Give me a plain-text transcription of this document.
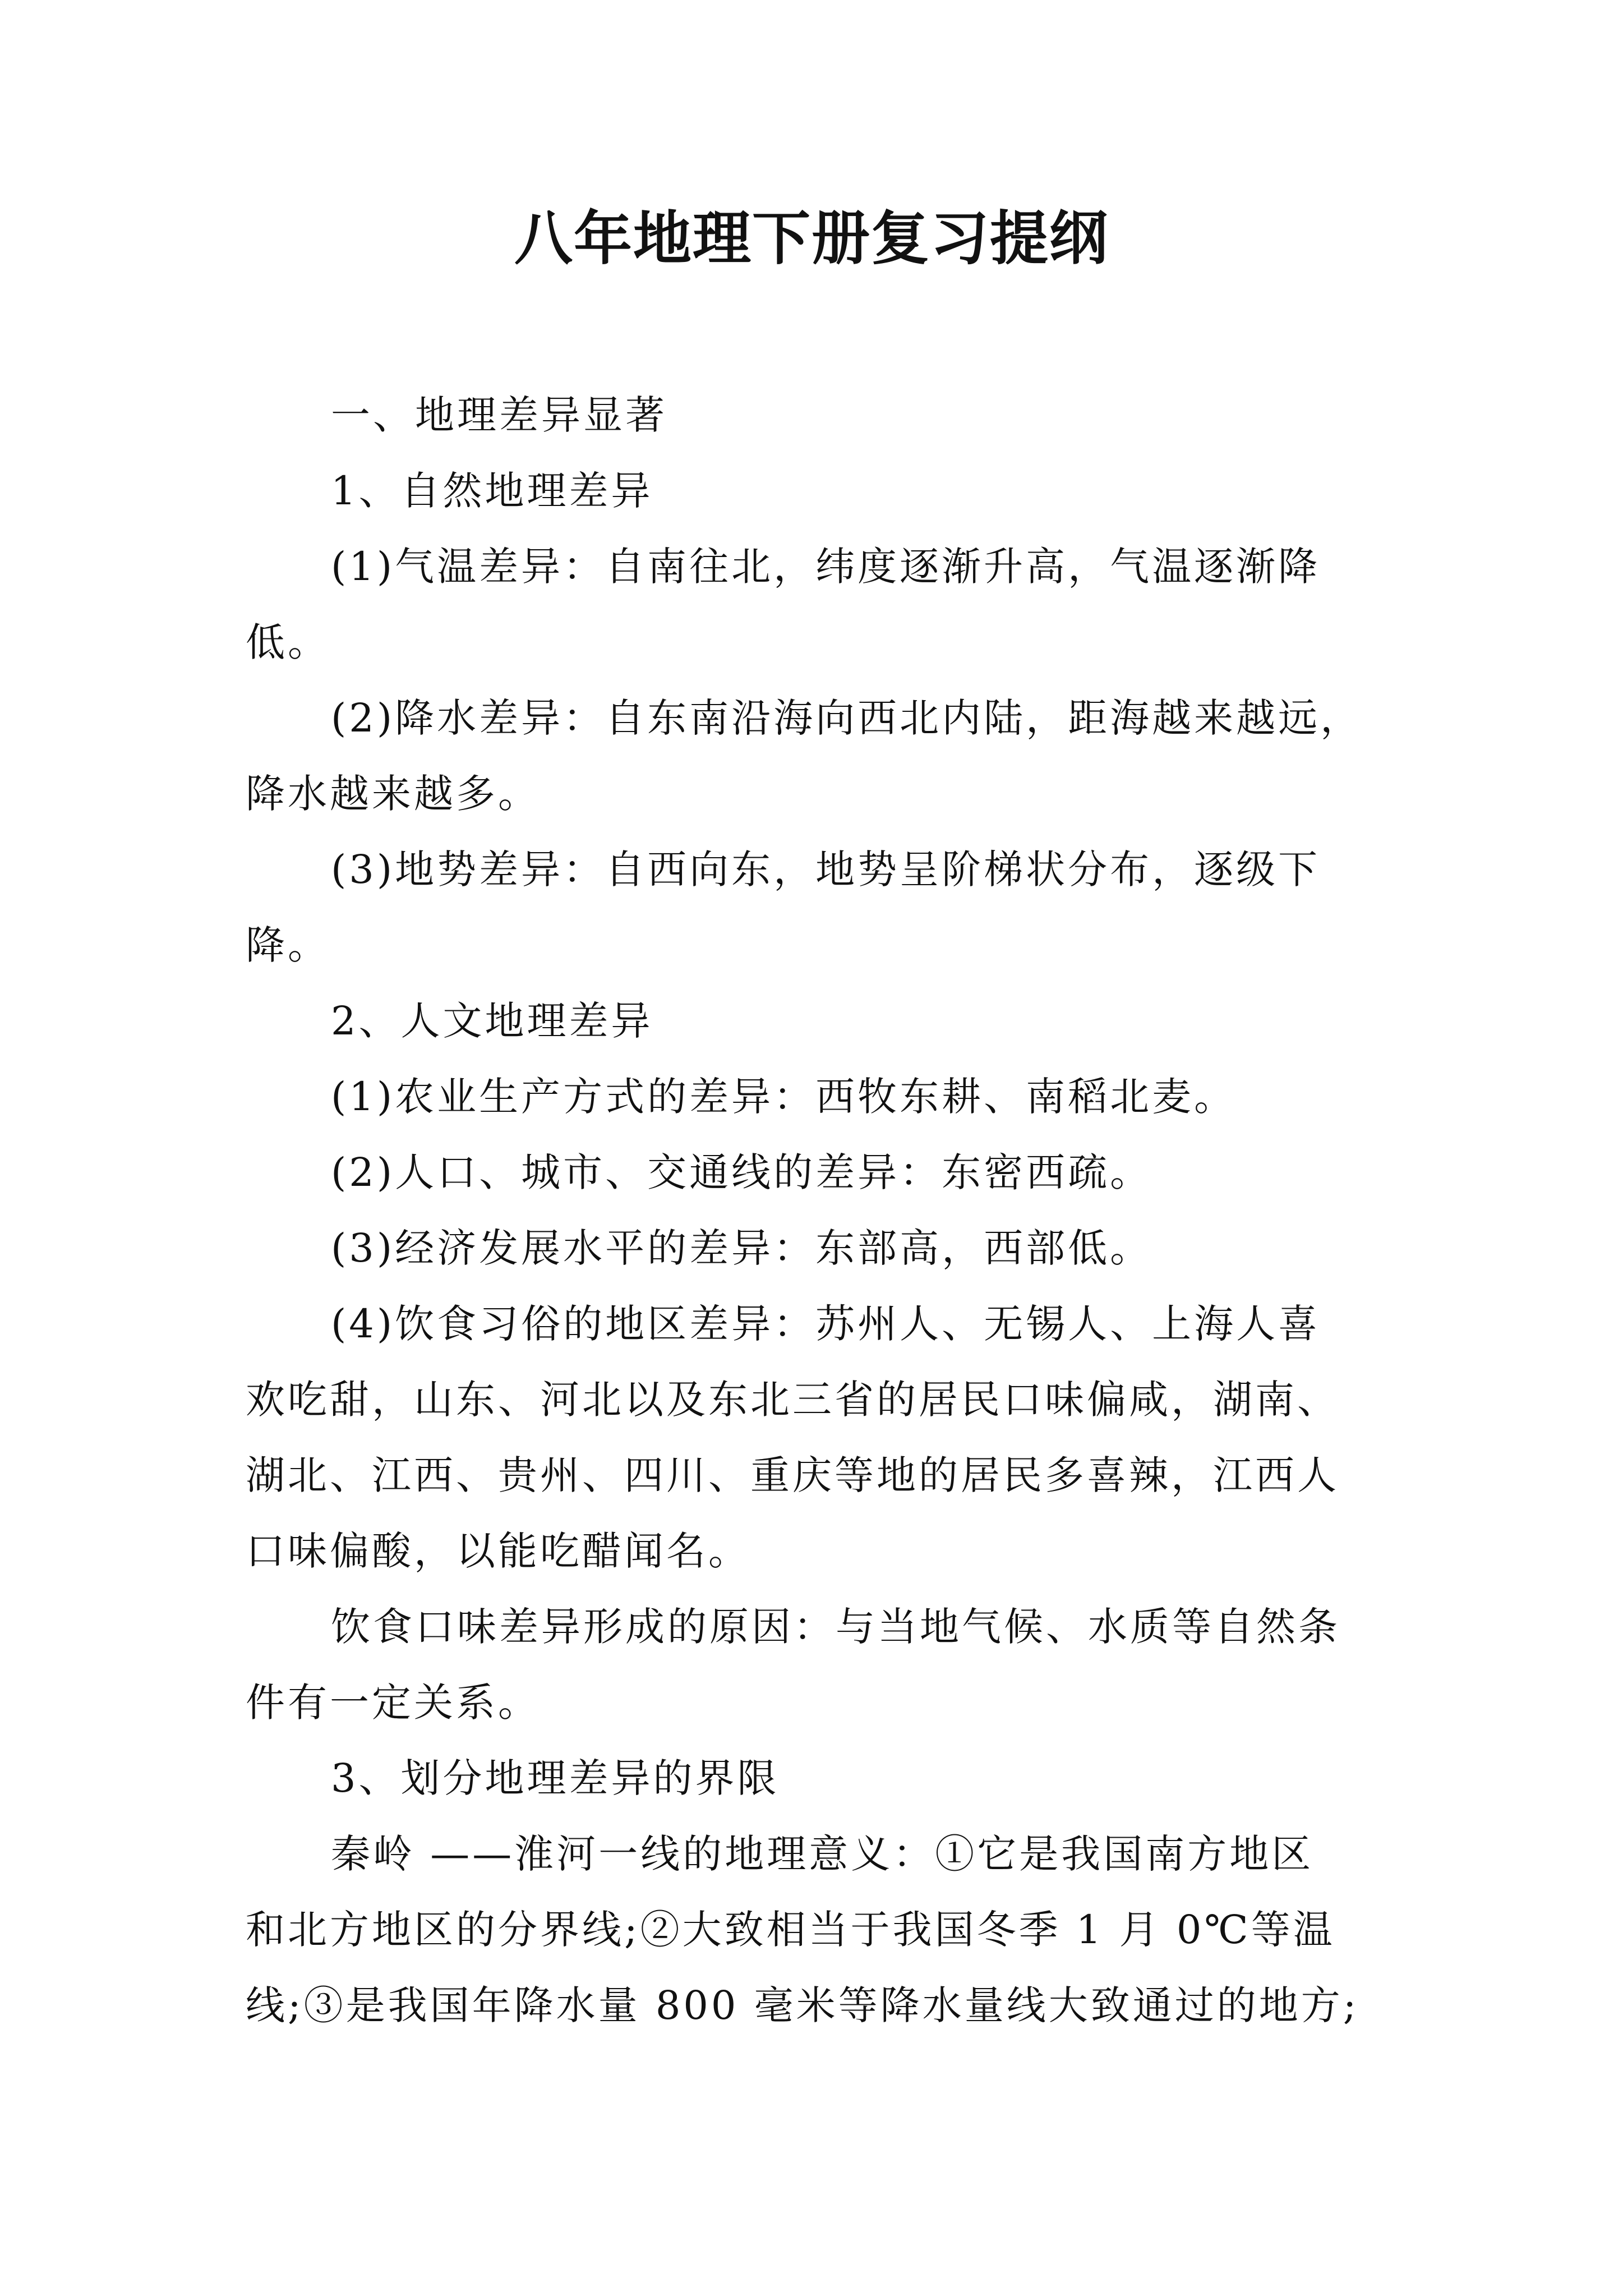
八年地理下册复习提纲
一、地理差异显著
1、自然地理差异
(1)气温差异：自南往北，纬度逐渐升高，气温逐渐降
低。
(2)降水差异：自东南沿海向西北内陆，距海越来越远，
降水越来越多。
(3)地势差异：自西向东，地势呈阶梯状分布，逐级下
降。
2、人文地理差异
(1)农业生产方式的差异：西牧东耕、南稻北麦。
(2)人口、城市、交通线的差异：东密西疏。
(3)经济发展水平的差异：东部高，西部低。
(4)饮食习俗的地区差异：苏州人、无锡人、上海人喜
欢吃甜，山东、河北以及东北三省的居民口味偏咸，湖南、
湖北、江西、贵州、四川、重庆等地的居民多喜辣，江西人
口味偏酸，以能吃醋闻名。
饮食口味差异形成的原因：与当地气候、水质等自然条
件有一定关系。
3、划分地理差异的界限
秦岭 ——淮河一线的地理意义：①它是我国南方地区
和北方地区的分界线;②大致相当于我国冬季 1 月 0℃等温
线;③是我国年降水量 800 毫米等降水量线大致通过的地方;
